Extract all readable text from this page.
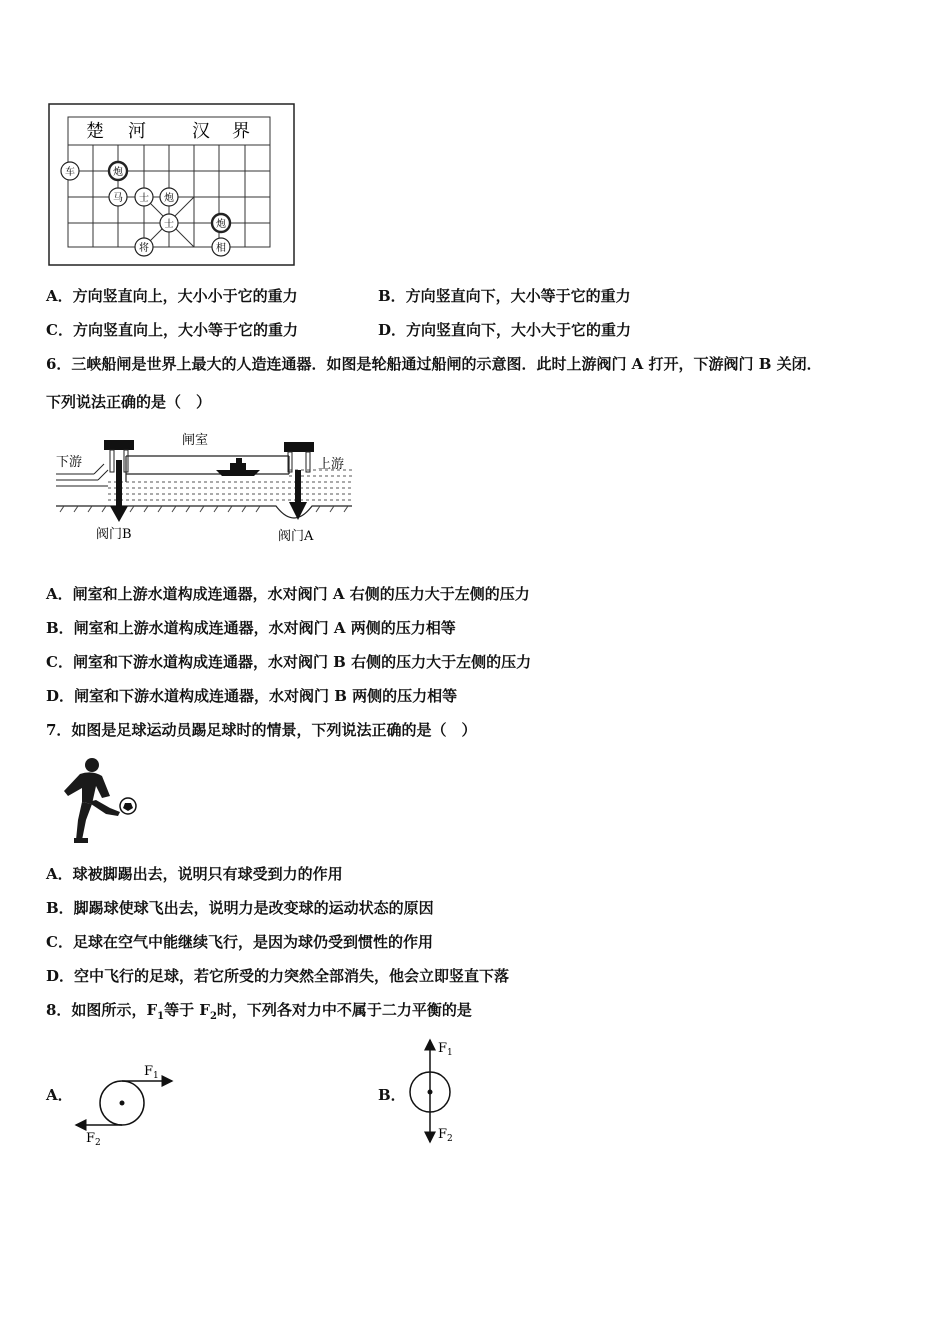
楚 河	汉 界
车	炮
马 士 炮
士	炮
将	相
A．方向竖直向上，大小小于它的重力	B．方向竖直向下，大小等于它的重力
C．方向竖直向上，大小等于它的重力	D．方向竖直向下，大小大于它的重力
6．三峡船闸是世界上最大的人造连通器．如图是轮船通过船闸的示意图．此时上游阀门 A 打开，下游阀门 B 关闭．
下列说法正确的是（　）
闸室
下游	上游
阀门B	阀门A
A．闸室和上游水道构成连通器，水对阀门 A 右侧的压力大于左侧的压力
B．闸室和上游水道构成连通器，水对阀门 A 两侧的压力相等
C．闸室和下游水道构成连通器，水对阀门 B 右侧的压力大于左侧的压力
D．闸室和下游水道构成连通器，水对阀门 B 两侧的压力相等
7．如图是足球运动员踢足球时的情景，下列说法正确的是（　）
A．球被脚踢出去，说明只有球受到力的作用
B．脚踢球使球飞出去，说明力是改变球的运动状态的原因
C．足球在空气中能继续飞行，是因为球仍受到惯性的作用
D．空中飞行的足球，若它所受的力突然全部消失，他会立即竖直下落
8．如图所示，$F_1$等于 $F_2$时，下列各对力中不属于二力平衡的是
A．
$F_1$
$F_2$
B．
$F_1$
$F_2$
